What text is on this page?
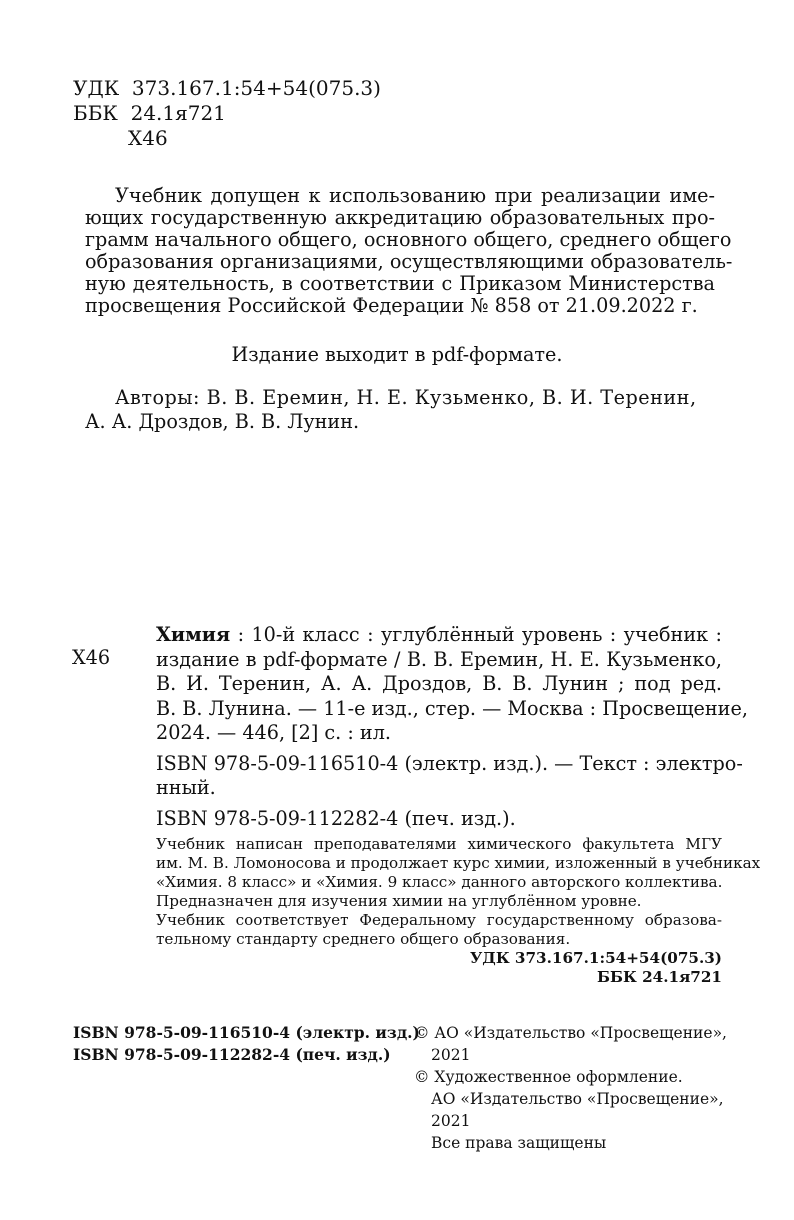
УДК  373.167.1:54+54(075.3)
ББК  24.1я721
Х46
Учебник допущен к использованию при реализации име-
ющих государственную аккредитацию образовательных про-
грамм начального общего, основного общего, среднего общего
образования организациями, осуществляющими образователь-
ную деятельность, в соответствии с Приказом Министерства
просвещения Российской Федерации № 858 от 21.09.2022 г.
Издание выходит в pdf-формате.
Авторы: В. В. Еремин, Н. Е. Кузьменко, В. И. Теренин,
А. А. Дроздов, В. В. Лунин.
Х46
Химия : 10-й класс : углублённый уровень : учебник :
издание в pdf-формате / В. В. Еремин, Н. Е. Кузьменко,
В. И. Теренин, А. А. Дроздов, В. В. Лунин ; под ред.
В. В. Лунина. — 11-е изд., стер. — Москва : Просвещение,
2024. — 446, [2] с. : ил.
ISBN 978-5-09-116510-4 (электр. изд.). — Текст : электро-
нный.
ISBN 978-5-09-112282-4 (печ. изд.).
Учебник написан преподавателями химического факультета МГУ
им. М. В. Ломоносова и продолжает курс химии, изложенный в учебниках
«Химия. 8 класс» и «Химия. 9 класс» данного авторского коллектива.
Предназначен для изучения химии на углублённом уровне.
Учебник соответствует Федеральному государственному образова-
тельному стандарту среднего общего образования.
УДК 373.167.1:54+54(075.3)
ББК 24.1я721
ISBN 978-5-09-116510-4 (электр. изд.)
ISBN 978-5-09-112282-4 (печ. изд.)
© АО «Издательство «Просвещение»,
2021
© Художественное оформление.
АО «Издательство «Просвещение»,
2021
Все права защищены
